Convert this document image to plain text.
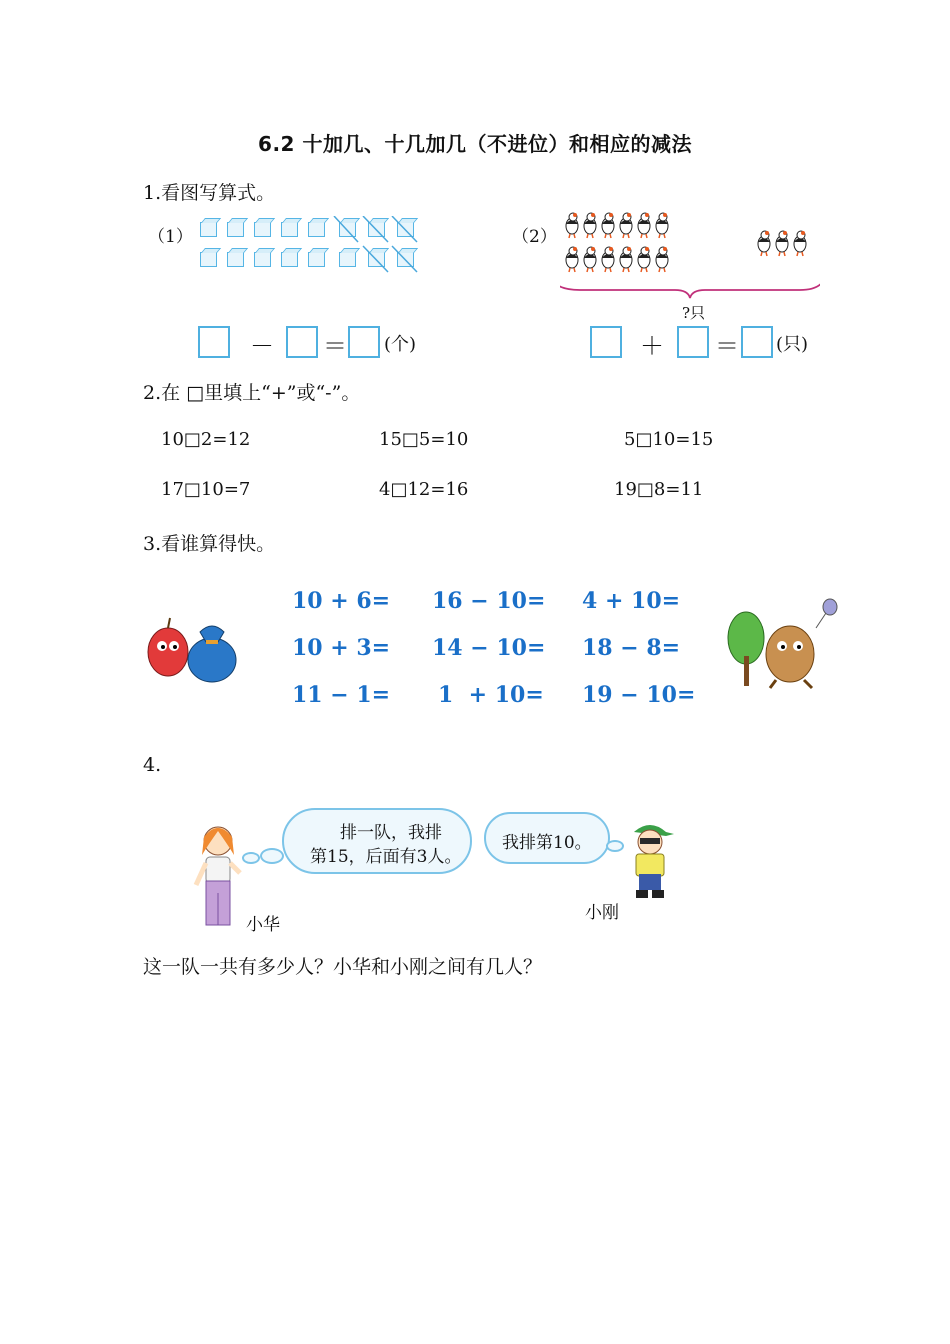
6.2 十加几、十几加几（不进位）和相应的减法
1.看图写算式。
（1）	（2）
?只
－ ＝ (个)	＋ ＝ (只)
2.在 □里填上“+”或“-”。
10□2=12	15□5=10	5□10=15
17□10=7	4□12=16	19□8=11
3.看谁算得快。
10 + 6= 16 − 10= 4 + 10=
10 + 3= 14 − 10= 18 − 8=
11 − 1= 1  + 10= 19 − 10=
4.
小华
排一队，我排
第15，后面有3人。
我排第10。
小刚
这一队一共有多少人？小华和小刚之间有几人？
